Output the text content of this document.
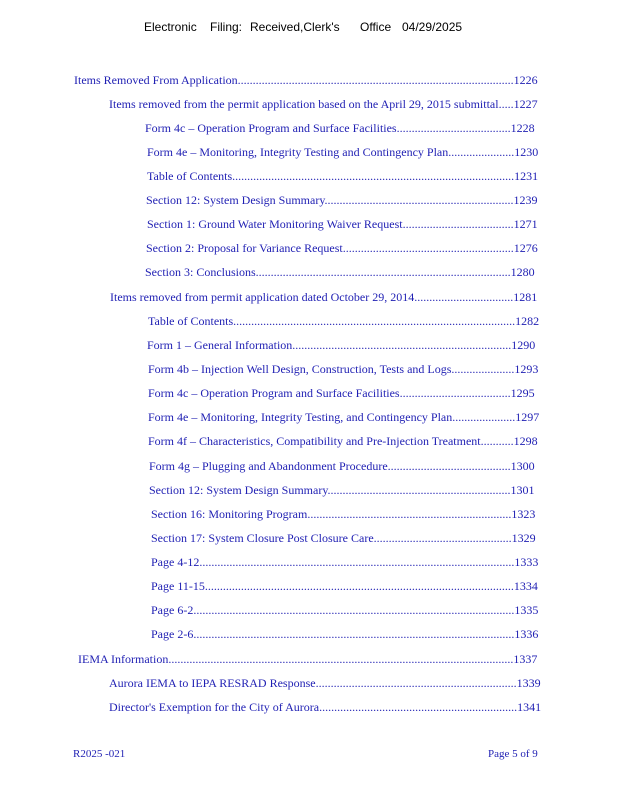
Electronic Filing: Received,Clerk's Office 04/29/2025
Items Removed From Application............................................................................................1226
Items removed from the permit application based on the April 29, 2015 submittal.....1227
Form 4c – Operation Program and Surface Facilities......................................1228
Form 4e – Monitoring, Integrity Testing and Contingency Plan......................1230
Table of Contents..............................................................................................1231
Section 12: System Design Summary...............................................................1239
Section 1: Ground Water Monitoring Waiver Request.....................................1271
Section 2: Proposal for Variance Request.........................................................1276
Section 3: Conclusions.....................................................................................1280
Items removed from permit application dated October 29, 2014.................................1281
Table of Contents..............................................................................................1282
Form 1 – General Information.........................................................................1290
Form 4b – Injection Well Design, Construction, Tests and Logs.....................1293
Form 4c – Operation Program and Surface Facilities.....................................1295
Form 4e – Monitoring, Integrity Testing, and Contingency Plan.....................1297
Form 4f – Characteristics, Compatibility and Pre-Injection Treatment...........1298
Form 4g – Plugging and Abandonment Procedure.........................................1300
Section 12: System Design Summary.............................................................1301
Section 16: Monitoring Program....................................................................1323
Section 17: System Closure Post Closure Care..............................................1329
Page 4-12.........................................................................................................1333
Page 11-15.......................................................................................................1334
Page 6-2...........................................................................................................1335
Page 2-6...........................................................................................................1336
IEMA Information...................................................................................................................1337
Aurora IEMA to IEPA RESRAD Response...................................................................1339
Director's Exemption for the City of Aurora..................................................................1341
R2025 -021	Page 5 of 9
